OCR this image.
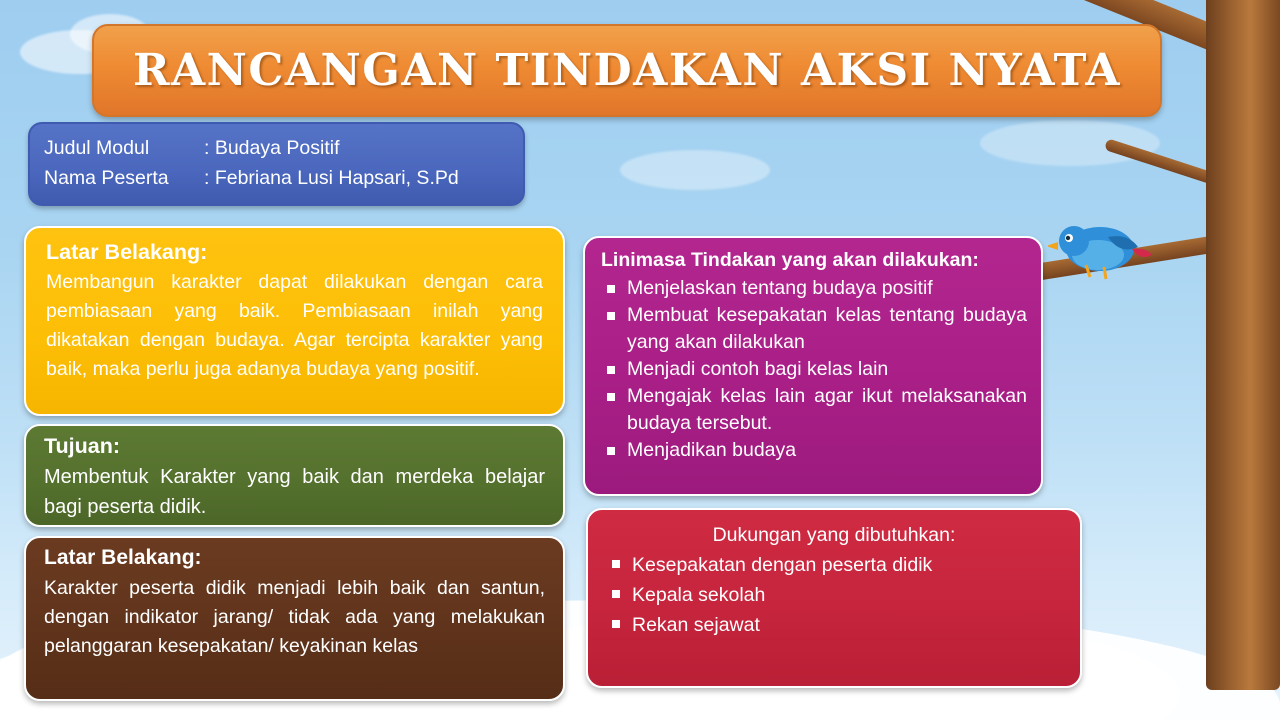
RANCANGAN TINDAKAN AKSI NYATA
Judul Modul	: Budaya Positif
Nama Peserta	: Febriana Lusi Hapsari, S.Pd
Latar Belakang:

Membangun karakter dapat dilakukan dengan cara pembiasaan yang baik. Pembiasaan inilah yang dikatakan dengan budaya. Agar tercipta karakter yang baik, maka perlu juga adanya budaya yang positif.

Tujuan:

Membentuk Karakter yang baik dan merdeka belajar bagi peserta didik.

Latar Belakang:

Karakter peserta didik menjadi lebih baik dan santun, dengan indikator jarang/ tidak ada yang melakukan pelanggaran kesepakatan/ keyakinan kelas

Linimasa Tindakan yang akan dilakukan:
Menjelaskan tentang budaya positif
Membuat kesepakatan kelas tentang budaya yang akan dilakukan
Menjadi contoh bagi kelas lain
Mengajak kelas lain agar ikut melaksanakan budaya tersebut.
Menjadikan budaya
Dukungan yang dibutuhkan:
Kesepakatan dengan peserta didik
Kepala sekolah
Rekan sejawat
